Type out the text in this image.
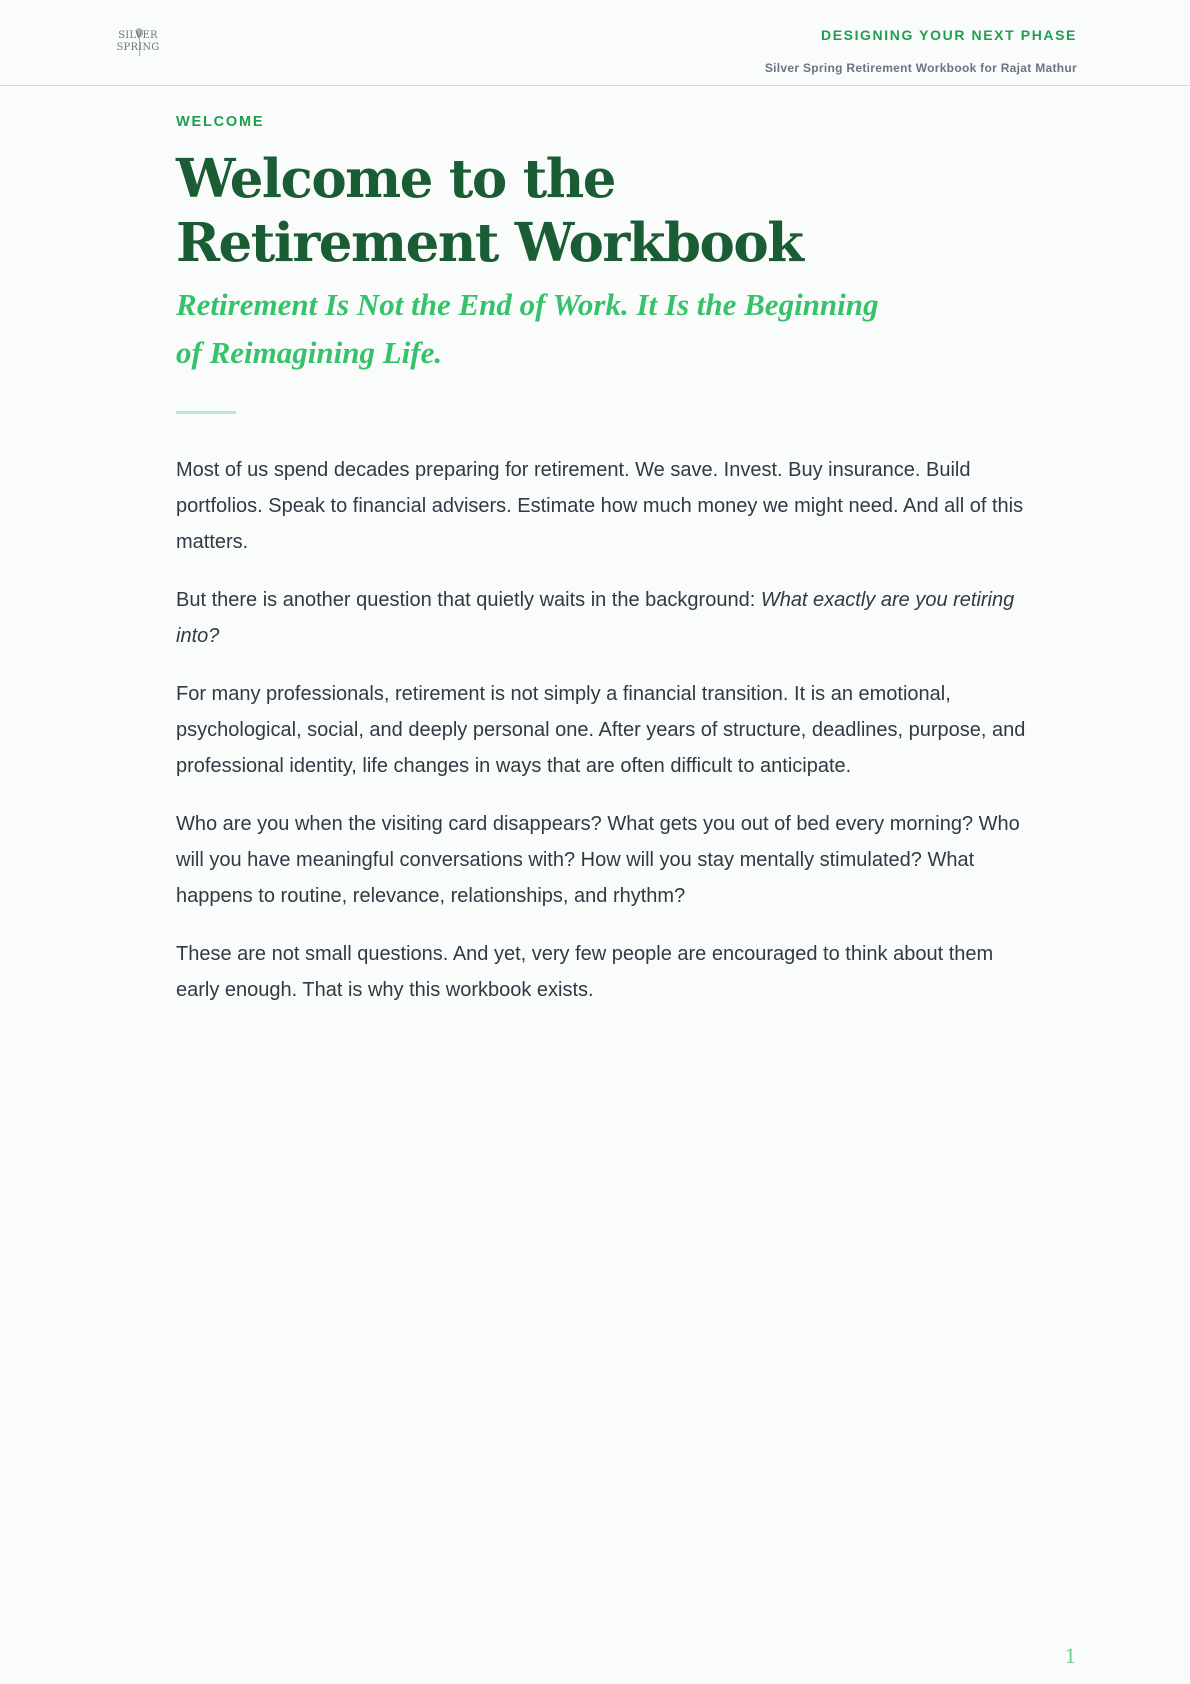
SILVER
SPRING
DESIGNING YOUR NEXT PHASE
Silver Spring Retirement Workbook for Rajat Mathur

WELCOME

Welcome to the
Retirement Workbook
Retirement Is Not the End of Work. It Is the Beginning of Reimagining Life.

Most of us spend decades preparing for retirement. We save. Invest. Buy insurance. Build portfolios. Speak to financial advisers. Estimate how much money we might need. And all of this matters.

But there is another question that quietly waits in the background: What exactly are you retiring into?

For many professionals, retirement is not simply a financial transition. It is an emotional, psychological, social, and deeply personal one. After years of structure, deadlines, purpose, and professional identity, life changes in ways that are often difficult to anticipate.

Who are you when the visiting card disappears? What gets you out of bed every morning? Who will you have meaningful conversations with? How will you stay mentally stimulated? What happens to routine, relevance, relationships, and rhythm?

These are not small questions. And yet, very few people are encouraged to think about them early enough. That is why this workbook exists.

1
